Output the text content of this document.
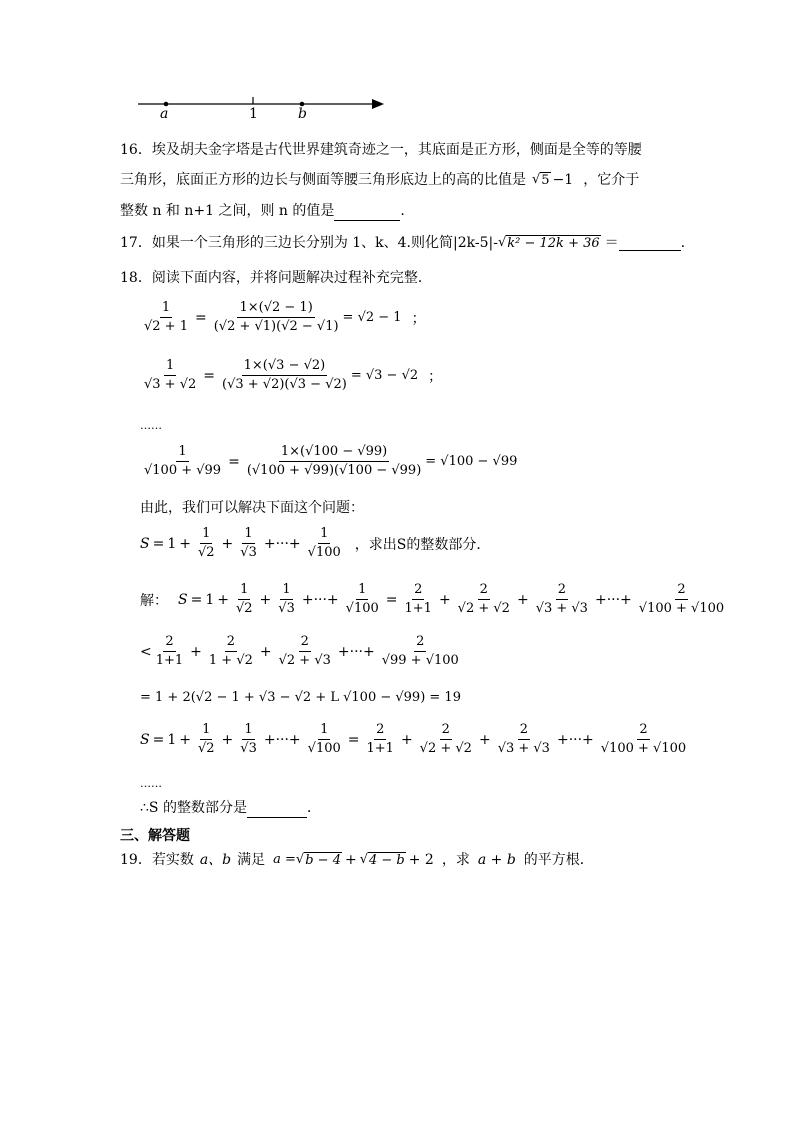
a	1	b
16．埃及胡夫金字塔是古代世界建筑奇迹之一，其底面是正方形，侧面是全等的等腰
三角形，底面正方形的边长与侧面等腰三角形底边上的高的比值是 √ 5 −1 ，它介于
整数 n 和 n+1 之间，则 n 的值是	.
17．如果一个三角形的三边长分别为 1、k、4.则化简|2k-5|- √ k² − 12k + 36 ＝	.
18．阅读下面内容，并将问题解决过程补充完整．
$\frac{1}{√2 + 1} = \frac{1\times(√2 - 1)}{(√2 + √1)(√2 - √1)} = √2 - 1$ ；
$\frac{1}{√3 + √2} = \frac{1\times(√3 - √2)}{(√3 + √2)(√3 - √2)} = √3 - √2$ ；
……
$\frac{1}{√100 + √99} = \frac{1\times(√100 - √99)}{(√100 + √99)(√100 - √99)} = √100 - √99$
由此，我们可以解决下面这个问题：
$S = 1 + \frac{1}{√2} + \frac{1}{√3}$ +···+ $\frac{1}{√100}$ ，求出S的整数部分．
解： $S = 1 + \frac{1}{√2} + \frac{1}{√3}$ +···+ $\frac{1}{√100} = \frac{2}{1+1} + \frac{2}{√2 + √2} + \frac{2}{√3 + √3}$ +···+ $\frac{2}{√100 + √100}$
< $\frac{2}{1+1} + \frac{2}{1 + √2} + \frac{2}{√2 + √3}$ +···+ $\frac{2}{√99 + √100}$
= 1 + 2(√2 − 1 + √3 − √2 + L √100 − √99) = 19
$S = 1 + \frac{1}{√2} + \frac{1}{√3}$ +···+ $\frac{1}{√100} = \frac{2}{1+1} + \frac{2}{√2 + √2} + \frac{2}{√3 + √3}$ +···+ $\frac{2}{√100 + √100}$
……
∴S 的整数部分是	．
三、解答题
19．若实数 a、b 满足 a = √ b − 4 + √ 4 − b + 2 ，求 a + b 的平方根．
